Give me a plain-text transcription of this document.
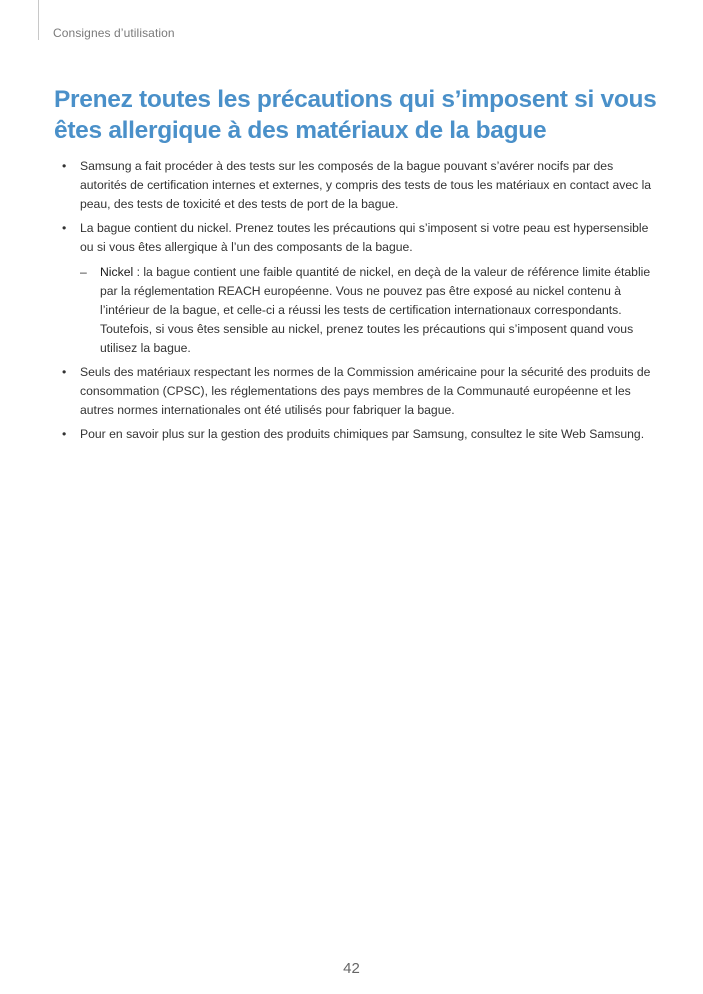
Consignes d’utilisation
Prenez toutes les précautions qui s’imposent si vous êtes allergique à des matériaux de la bague
• Samsung a fait procéder à des tests sur les composés de la bague pouvant s’avérer nocifs par des autorités de certification internes et externes, y compris des tests de tous les matériaux en contact avec la peau, des tests de toxicité et des tests de port de la bague.
• La bague contient du nickel. Prenez toutes les précautions qui s’imposent si votre peau est hypersensible ou si vous êtes allergique à l’un des composants de la bague.
– Nickel : la bague contient une faible quantité de nickel, en deçà de la valeur de référence limite établie par la réglementation REACH européenne. Vous ne pouvez pas être exposé au nickel contenu à l’intérieur de la bague, et celle-ci a réussi les tests de certification internationaux correspondants. Toutefois, si vous êtes sensible au nickel, prenez toutes les précautions qui s’imposent quand vous utilisez la bague.
• Seuls des matériaux respectant les normes de la Commission américaine pour la sécurité des produits de consommation (CPSC), les réglementations des pays membres de la Communauté européenne et les autres normes internationales ont été utilisés pour fabriquer la bague.
• Pour en savoir plus sur la gestion des produits chimiques par Samsung, consultez le site Web Samsung.
42
